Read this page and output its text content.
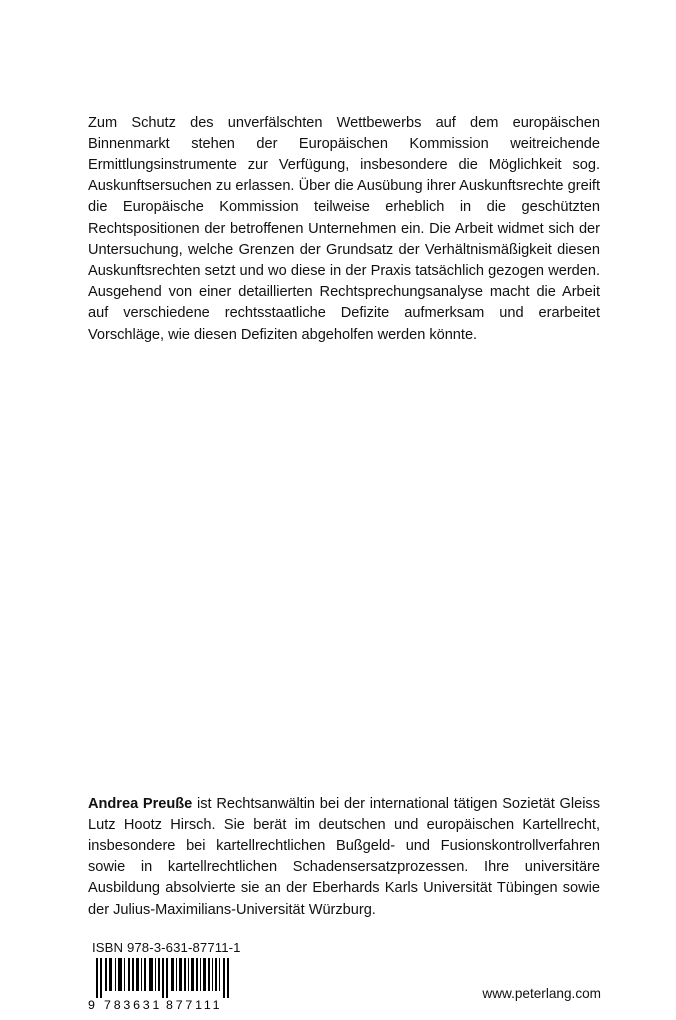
Zum Schutz des unverfälschten Wettbewerbs auf dem europäischen Binnenmarkt stehen der Europäischen Kommission weitreichende Ermittlungsinstrumente zur Verfügung, insbesondere die Möglichkeit sog. Auskunftsersuchen zu erlassen. Über die Ausübung ihrer Auskunftsrechte greift die Europäische Kommission teilweise erheblich in die geschützten Rechtspositionen der betroffenen Unternehmen ein. Die Arbeit widmet sich der Untersuchung, welche Grenzen der Grundsatz der Verhältnismäßigkeit diesen Auskunftsrechten setzt und wo diese in der Praxis tatsächlich gezogen werden. Ausgehend von einer detaillierten Rechtsprechungsanalyse macht die Arbeit auf verschiedene rechtsstaatliche Defizite aufmerksam und erarbeitet Vorschläge, wie diesen Defiziten abgeholfen werden könnte.

Andrea Preuße ist Rechtsanwältin bei der international tätigen Sozietät Gleiss Lutz Hootz Hirsch. Sie berät im deutschen und europäischen Kartellrecht, insbesondere bei kartellrechtlichen Bußgeld- und Fusionskontrollverfahren sowie in kartellrechtlichen Schadensersatzprozessen. Ihre universitäre Ausbildung absolvierte sie an der Eberhards Karls Universität Tübingen sowie der Julius-Maximilians-Universität Würzburg.

ISBN 978-3-631-87711-1
9 783631 877111
www.peterlang.com
